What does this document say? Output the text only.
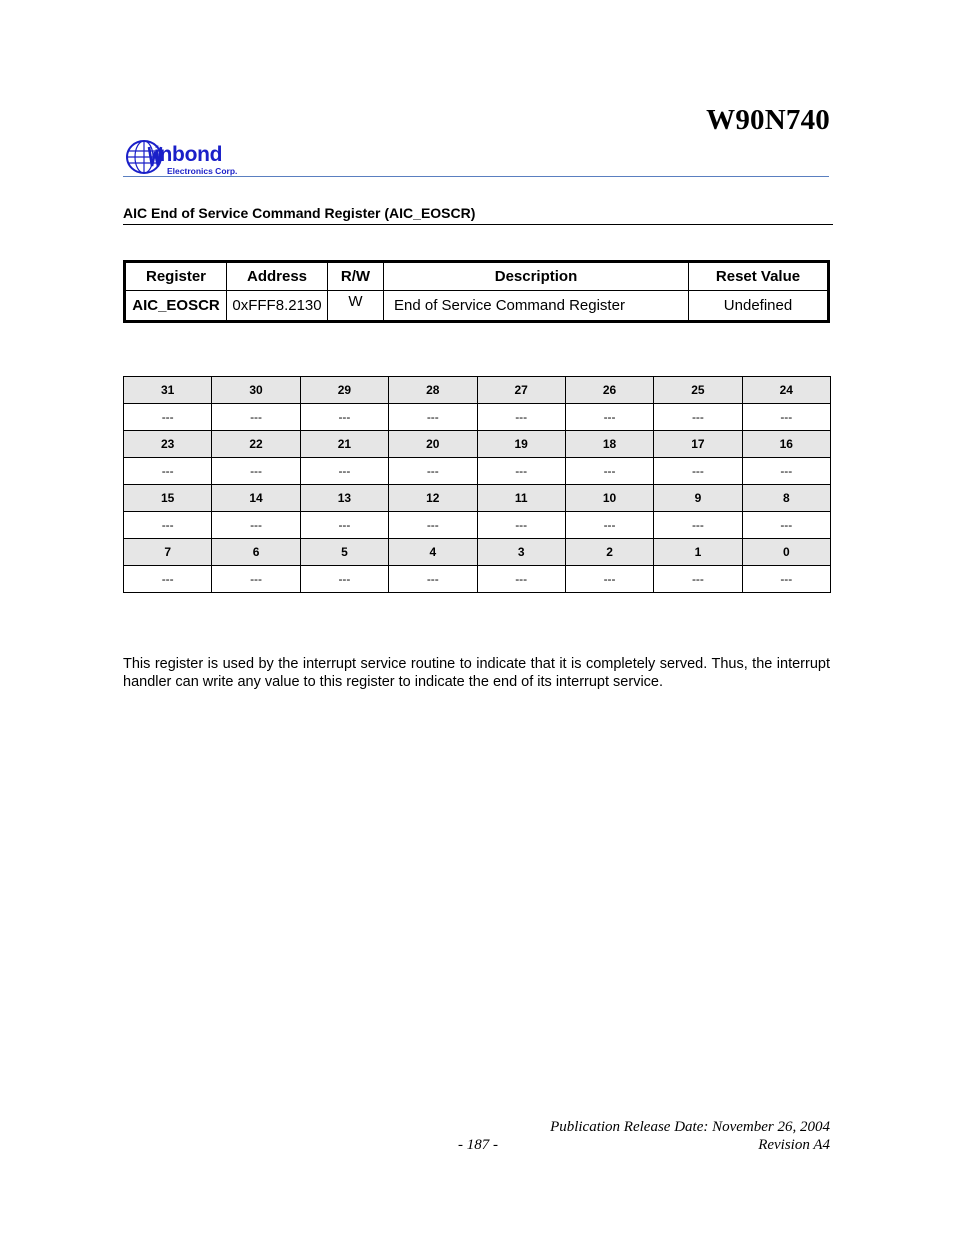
W90N740
inbond
Electronics Corp.
AIC End of Service Command Register (AIC_EOSCR)
Register	Address	R/W	Description	Reset Value
AIC_EOSCR	0xFFF8.2130	W	End of Service Command Register	Undefined
31	30	29	28	27	26	25	24
---	---	---	---	---	---	---	---
23	22	21	20	19	18	17	16
---	---	---	---	---	---	---	---
15	14	13	12	11	10	9	8
---	---	---	---	---	---	---	---
7	6	5	4	3	2	1	0
---	---	---	---	---	---	---	---

This register is used by the interrupt service routine to indicate that it is completely served. Thus, the interrupt handler can write any value to this register to indicate the end of its interrupt service.

Publication Release Date: November 26, 2004
- 187 -	Revision A4
